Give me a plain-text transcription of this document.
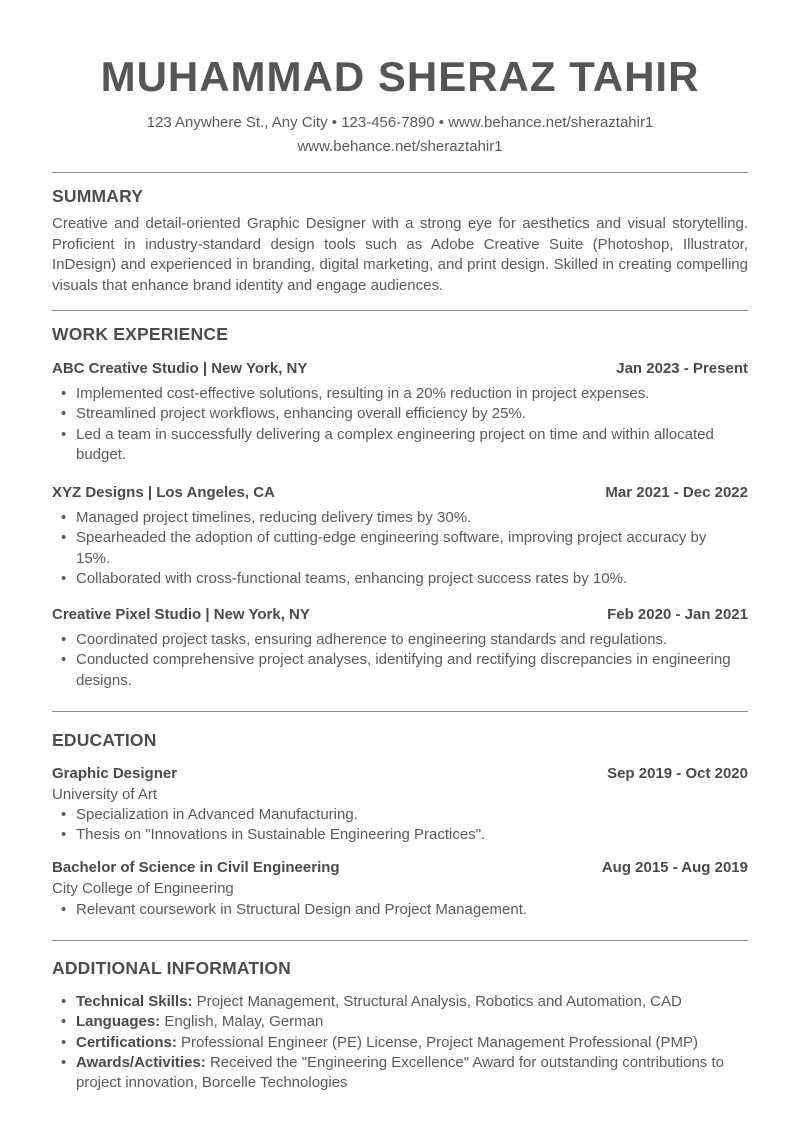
MUHAMMAD SHERAZ TAHIR
123 Anywhere St., Any City • 123-456-7890 • www.behance.net/sheraztahir1
www.behance.net/sheraztahir1
SUMMARY
Creative and detail-oriented Graphic Designer with a strong eye for aesthetics and visual storytelling. Proficient in industry-standard design tools such as Adobe Creative Suite (Photoshop, Illustrator, InDesign) and experienced in branding, digital marketing, and print design. Skilled in creating compelling visuals that enhance brand identity and engage audiences.
WORK EXPERIENCE
ABC Creative Studio | New York, NY	Jan 2023 - Present
• Implemented cost-effective solutions, resulting in a 20% reduction in project expenses.
• Streamlined project workflows, enhancing overall efficiency by 25%.
• Led a team in successfully delivering a complex engineering project on time and within allocated budget.
XYZ Designs | Los Angeles, CA	Mar 2021 - Dec 2022
• Managed project timelines, reducing delivery times by 30%.
• Spearheaded the adoption of cutting-edge engineering software, improving project accuracy by 15%.
• Collaborated with cross-functional teams, enhancing project success rates by 10%.
Creative Pixel Studio | New York, NY	Feb 2020 - Jan 2021
• Coordinated project tasks, ensuring adherence to engineering standards and regulations.
• Conducted comprehensive project analyses, identifying and rectifying discrepancies in engineering designs.
EDUCATION
Graphic Designer	Sep 2019 - Oct 2020
University of Art
• Specialization in Advanced Manufacturing.
• Thesis on "Innovations in Sustainable Engineering Practices".
Bachelor of Science in Civil Engineering	Aug 2015 - Aug 2019
City College of Engineering
• Relevant coursework in Structural Design and Project Management.
ADDITIONAL INFORMATION
• Technical Skills: Project Management, Structural Analysis, Robotics and Automation, CAD
• Languages: English, Malay, German
• Certifications: Professional Engineer (PE) License, Project Management Professional (PMP)
• Awards/Activities: Received the "Engineering Excellence" Award for outstanding contributions to project innovation, Borcelle Technologies
